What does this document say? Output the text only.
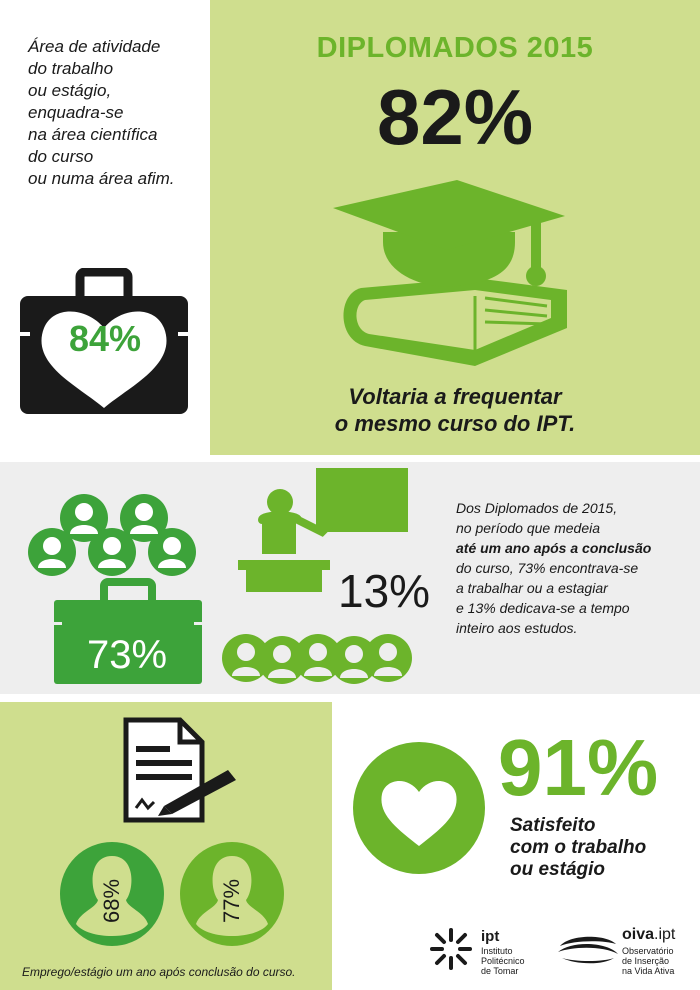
Área de atividade
do trabalho
ou estágio,
enquadra-se
na área científica
do curso
ou numa área afim.
84%
DIPLOMADOS 2015
82%
Voltaria a frequentar
o mesmo curso do IPT.
73%
13%
Dos Diplomados de 2015,
no período que medeia
até um ano após a conclusão
do curso, 73% encontrava-se
a trabalhar ou a estagiar
e 13% dedicava-se a tempo
inteiro aos estudos.
68%	77%
Emprego/estágio um ano após conclusão do curso.
91%
Satisfeito
com o trabalho
ou estágio
ipt
Instituto
Politécnico
de Tomar
oiva.ipt
Observatório
de Inserção
na Vida Ativa
